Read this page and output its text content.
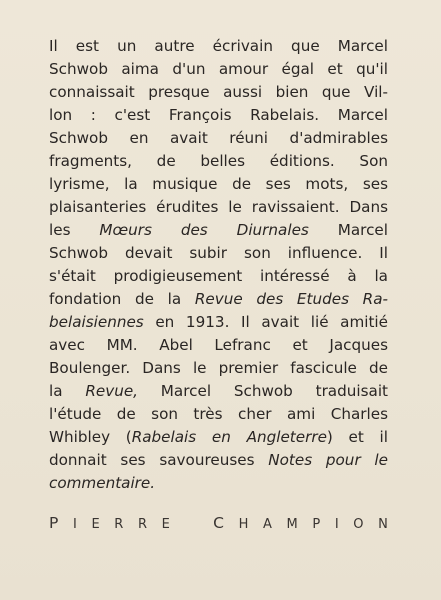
Il est un autre écrivain que Marcel
Schwob aima d'un amour égal et qu'il
connaissait presque aussi bien que Vil-
lon : c'est François Rabelais. Marcel
Schwob en avait réuni d'admirables
fragments, de belles éditions. Son
lyrisme, la musique de ses mots, ses
plaisanteries érudites le ravissaient. Dans
les Mœurs des Diurnales Marcel
Schwob devait subir son influence. Il
s'était prodigieusement intéressé à la
fondation de la Revue des Etudes Ra-
belaisiennes en 1913. Il avait lié amitié
avec MM. Abel Lefranc et Jacques
Boulenger. Dans le premier fascicule de
la Revue, Marcel Schwob traduisait
l'étude de son très cher ami Charles
Whibley (Rabelais en Angleterre) et il
donnait ses savoureuses Notes pour le
commentaire.
P I E R R E	C H A M P I O N
